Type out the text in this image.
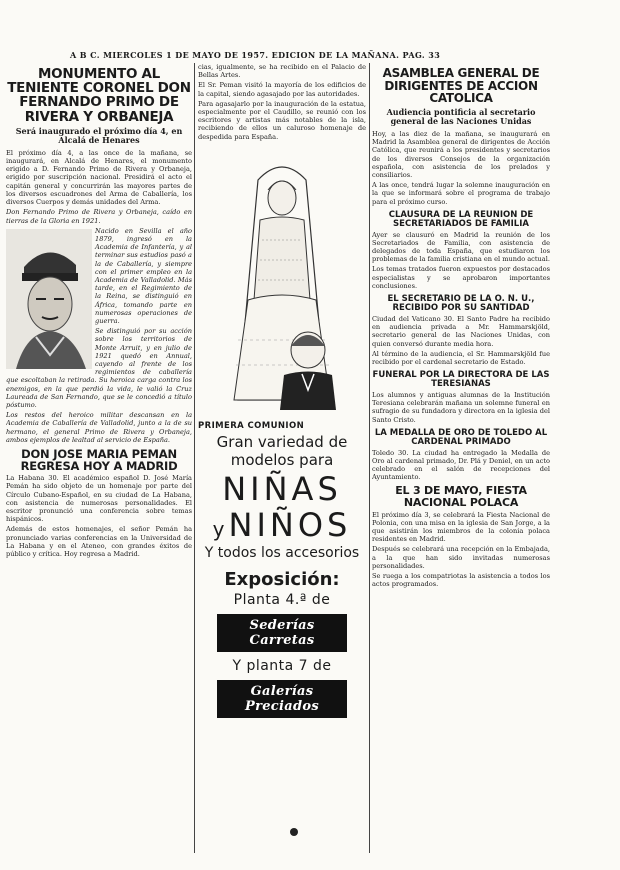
A B C. MIERCOLES 1 DE MAYO DE 1957. EDICION DE LA MAÑANA. PAG. 33

MONUMENTO AL TENIENTE CORONEL DON FERNANDO PRIMO DE RIVERA Y ORBANEJA

Será inaugurado el próximo día 4, en Alcalá de Henares

El próximo día 4, a las once de la mañana, se inaugurará, en Alcalá de Henares, el monumento erigido a D. Fernando Primo de Rivera y Orbaneja, erigido por suscripción nacional. Presidirá el acto el capitán general y concurrirán las mayores partes de los diversos escuadrones del Arma de Caballería, los diversos Cuerpos y demás unidades del Arma.

Don Fernando Primo de Rivera y Orbaneja, caído en tierras de la Gloria en 1921.

Nacido en Sevilla el año 1879, ingresó en la Academia de Infantería, y al terminar sus estudios pasó a la de Caballería, y siempre con el primer empleo en la Academia de Valladolid. Más tarde, en el Regimiento de la Reina, se distinguió en África, tomando parte en numerosas operaciones de guerra.

Se distinguió por su acción sobre los territorios de Monte Arruit, y en julio de 1921 quedó en Annual, cayendo al frente de los regimientos de caballería que escoltaban la retirada. Su heroica carga contra los enemigos, en la que perdió la vida, le valió la Cruz Laureada de San Fernando, que se le concedió a título póstumo.

Los restos del heroico militar descansan en la Academia de Caballería de Valladolid, junto a la de su hermano, el general Primo de Rivera y Orbaneja, ambos ejemplos de lealtad al servicio de España.

DON JOSE MARIA PEMAN REGRESA HOY A MADRID

La Habana 30. El académico español D. José María Pemán ha sido objeto de un homenaje por parte del Círculo Cubano-Español, en su ciudad de La Habana, con asistencia de numerosas personalidades. El escritor pronunció una conferencia sobre temas hispánicos.

Además de estos homenajes, el señor Pemán ha pronunciado varias conferencias en la Universidad de La Habana y en el Ateneo, con grandes éxitos de público y crítica. Hoy regresa a Madrid.

cias, igualmente, se ha recibido en el Palacio de Bellas Artes.

El Sr. Peman visitó la mayoría de los edificios de la capital, siendo agasajado por las autoridades.

Para agasajarlo por la inauguración de la estatua, especialmente por el Caudillo, se reunió con los escritores y artistas más notables de la isla, recibiendo de ellos un caluroso homenaje de despedida para España.

PRIMERA COMUNION

Gran variedad de

modelos para

NIÑAS

yNIÑOS

Y todos los accesorios

Exposición:

Planta 4.ª de

Sederías Carretas

Y planta 7 de

Galerías Preciados

ASAMBLEA GENERAL DE DIRIGENTES DE ACCION CATOLICA

Audiencia pontificia al secretario general de las Naciones Unidas

Hoy, a las diez de la mañana, se inaugurará en Madrid la Asamblea general de dirigentes de Acción Católica, que reunirá a los presidentes y secretarios de los diversos Consejos de la organización española, con asistencia de los prelados y consiliarios.

A las once, tendrá lugar la solemne inauguración en la que se informará sobre el programa de trabajo para el próximo curso.

CLAUSURA DE LA REUNION DE SECRETARIADOS DE FAMILIA

Ayer se clausuró en Madrid la reunión de los Secretariados de Familia, con asistencia de delegados de toda España, que estudiaron los problemas de la familia cristiana en el mundo actual.

Los temas tratados fueron expuestos por destacados especialistas y se aprobaron importantes conclusiones.

EL SECRETARIO DE LA O. N. U., RECIBIDO POR SU SANTIDAD

Ciudad del Vaticano 30. El Santo Padre ha recibido en audiencia privada a Mr. Hammarskjöld, secretario general de las Naciones Unidas, con quien conversó durante media hora.

Al término de la audiencia, el Sr. Hammarskjöld fue recibido por el cardenal secretario de Estado.

FUNERAL POR LA DIRECTORA DE LAS TERESIANAS

Los alumnos y antiguas alumnas de la Institución Teresiana celebrarán mañana un solemne funeral en sufragio de su fundadora y directora en la iglesia del Santo Cristo.

LA MEDALLA DE ORO DE TOLEDO AL CARDENAL PRIMADO

Toledo 30. La ciudad ha entregado la Medalla de Oro al cardenal primado, Dr. Plá y Deniel, en un acto celebrado en el salón de recepciones del Ayuntamiento.

EL 3 DE MAYO, FIESTA NACIONAL POLACA

El próximo día 3, se celebrará la Fiesta Nacional de Polonia, con una misa en la iglesia de San Jorge, a la que asistirán los miembros de la colonia polaca residentes en Madrid.

Después se celebrará una recepción en la Embajada, a la que han sido invitadas numerosas personalidades.

Se ruega a los compatriotas la asistencia a todos los actos programados.
